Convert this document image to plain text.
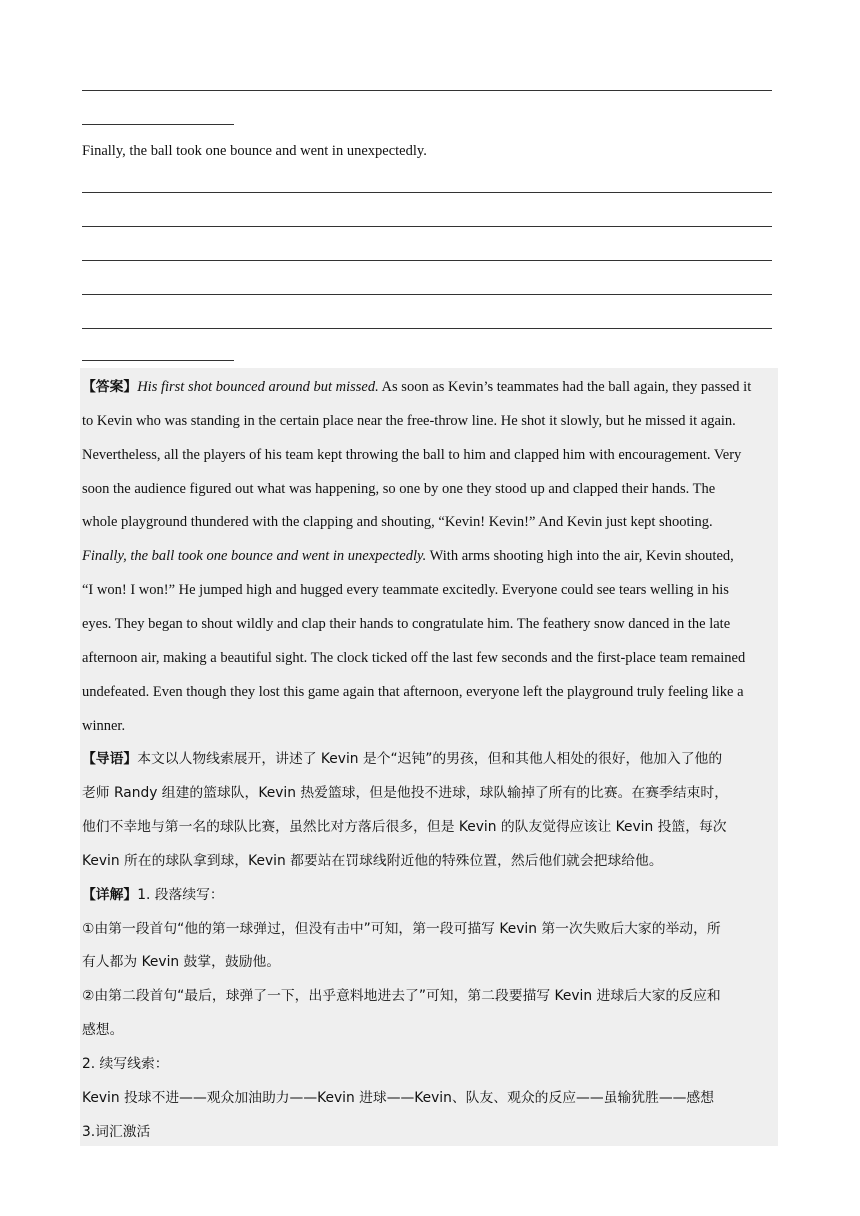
Finally, the ball took one bounce and went in unexpectedly.
【答案】His first shot bounced around but missed. As soon as Kevin’s teammates had the ball again, they passed it
to Kevin who was standing in the certain place near the free-throw line. He shot it slowly, but he missed it again.
Nevertheless, all the players of his team kept throwing the ball to him and clapped him with encouragement. Very
soon the audience figured out what was happening, so one by one they stood up and clapped their hands. The
whole playground thundered with the clapping and shouting, “Kevin! Kevin!” And Kevin just kept shooting.
Finally, the ball took one bounce and went in unexpectedly. With arms shooting high into the air, Kevin shouted,
“I won! I won!” He jumped high and hugged every teammate excitedly. Everyone could see tears welling in his
eyes. They began to shout wildly and clap their hands to congratulate him. The feathery snow danced in the late
afternoon air, making a beautiful sight. The clock ticked off the last few seconds and the first-place team remained
undefeated. Even though they lost this game again that afternoon, everyone left the playground truly feeling like a
winner.
【导语】本文以人物线索展开，讲述了 Kevin 是个“迟钝”的男孩，但和其他人相处的很好，他加入了他的
老师 Randy 组建的篮球队，Kevin 热爱篮球，但是他投不进球，球队输掉了所有的比赛。在赛季结束时，
他们不幸地与第一名的球队比赛，虽然比对方落后很多，但是 Kevin 的队友觉得应该让 Kevin 投篮，每次
Kevin 所在的球队拿到球，Kevin 都要站在罚球线附近他的特殊位置，然后他们就会把球给他。
【详解】1. 段落续写：
①由第一段首句“他的第一球弹过，但没有击中”可知，第一段可描写 Kevin 第一次失败后大家的举动，所
有人都为 Kevin 鼓掌，鼓励他。
②由第二段首句“最后，球弹了一下，出乎意料地进去了”可知，第二段要描写 Kevin 进球后大家的反应和
感想。
2. 续写线索：
Kevin 投球不进——观众加油助力——Kevin 进球——Kevin、队友、观众的反应——虽输犹胜——感想
3.词汇激活
